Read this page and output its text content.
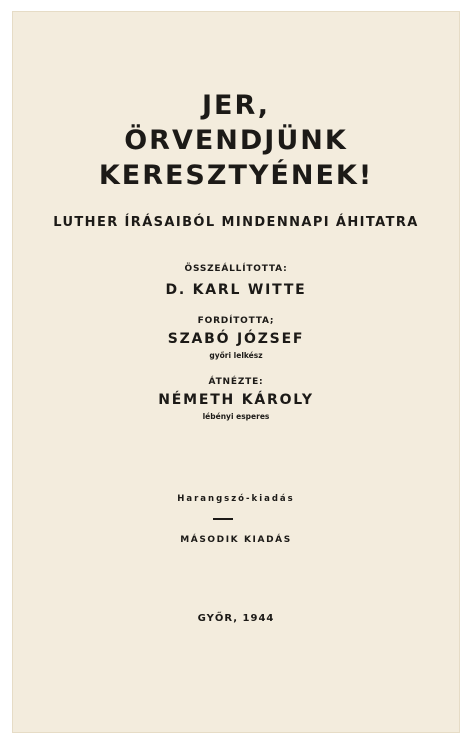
JER,
ÖRVENDJÜNK
KERESZTYÉNEK!
LUTHER ÍRÁSAIBÓL MINDENNAPI ÁHITATRA
ÖSSZEÁLLÍTOTTA:
D. KARL WITTE
FORDÍTOTTA;
SZABÓ JÓZSEF
győri lelkész
ÁTNÉZTE:
NÉMETH KÁROLY
lébényi esperes
Harangszó-kiadás
MÁSODIK KIADÁS
GYŐR, 1944
